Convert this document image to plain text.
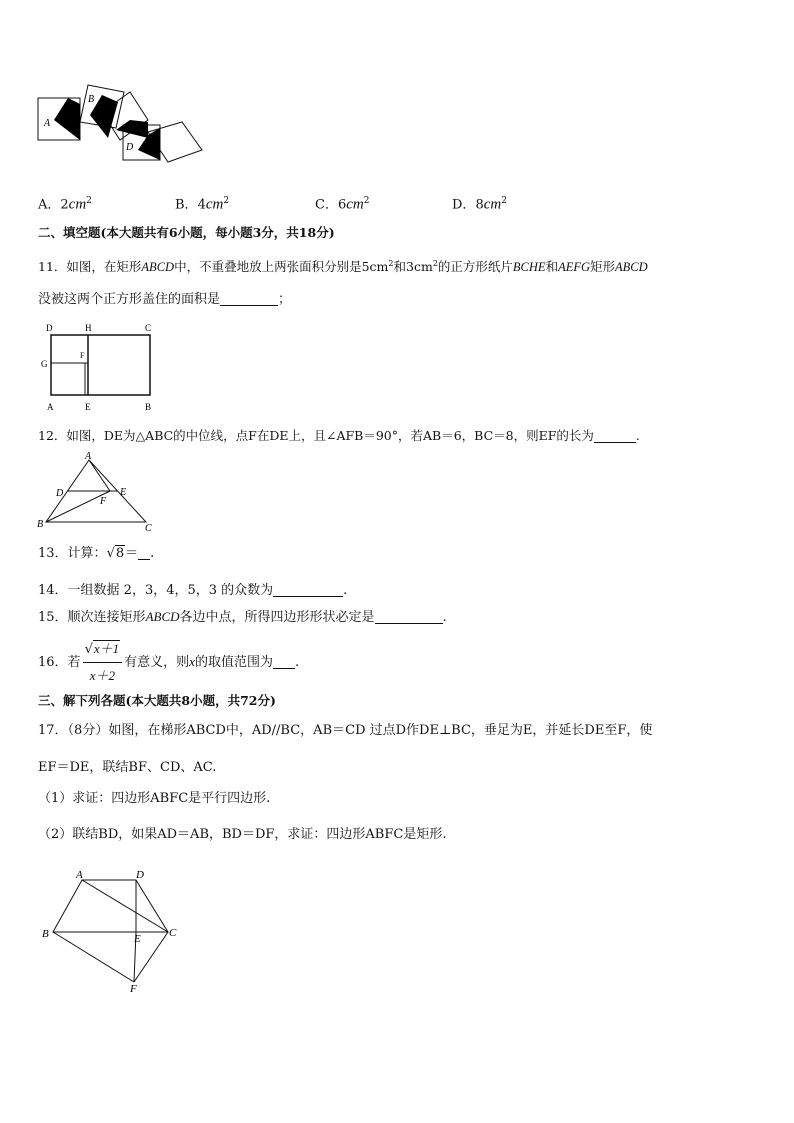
A
B
C
D
A．$2cm^2$	B．$4cm^2$	C．$6cm^2$	D．$8cm^2$
二、填空题(本大题共有6小题，每小题3分，共18分)
11．如图，在矩形ABCD中，不重叠地放上两张面积分别是$5cm^2$和$3cm^2$的正方形纸片BCHE和AEFG矩形ABCD
没被这两个正方形盖住的面积是	；
D	H	C
G
F
A	E	B
12．如图，DE为△ABC的中位线，点F在DE上，且∠AFB＝90°，若AB＝6，BC＝8，则EF的长为	.
A
D	E
F
B	C
13．计算：√8＝ .
14．一组数据 2，3，4，5，3 的众数为	.
15．顺次连接矩形ABCD各边中点，所得四边形形状必定是	.
16．若 $\frac{√x+1}{x+2}$ 有意义，则x的取值范围为 .
三、解下列各题(本大题共8小题，共72分)
17．（8分）如图，在梯形ABCD中，AD//BC，AB＝CD 过点D作DE⊥BC，垂足为E，并延长DE至F，使
EF＝DE，联结BF、CD、AC.
（1）求证：四边形ABFC是平行四边形.
（2）联结BD，如果AD＝AB，BD＝DF，求证：四边形ABFC是矩形.
A	D
B	E	C
F
